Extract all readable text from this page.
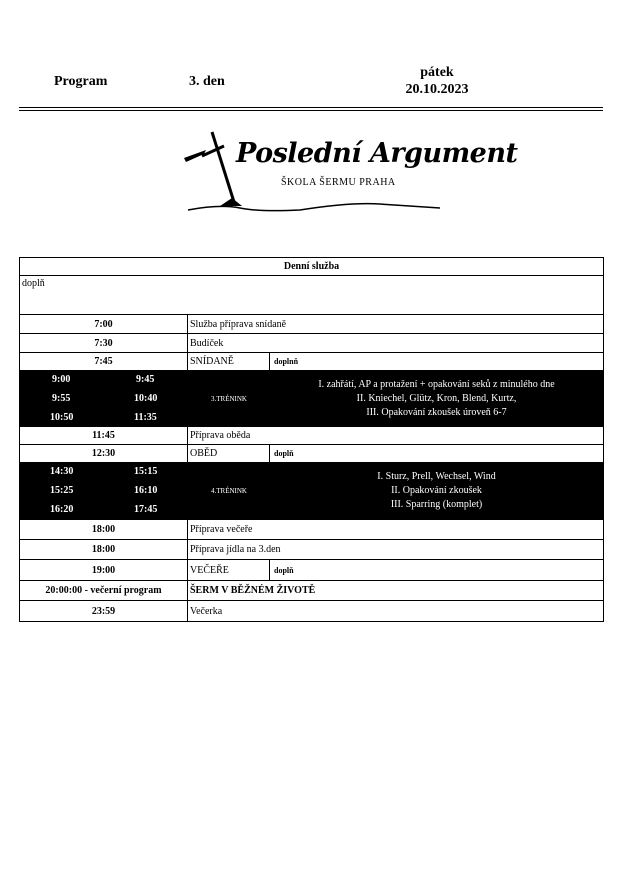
Program	3. den
pátek
20.10.2023
Poslední Argument
ŠKOLA ŠERMU PRAHA
Denní služba
doplň
7:00	Služba příprava snídaně
7:30	Budíček
7:45	SNÍDANĚ	doplnň
9:00	9:45
9:55	10:40
10:50	11:35
3.TRÉNINK
I. zahřátí, AP a protažení + opakování seků z minulého dne
II. Kniechel, Glütz, Kron, Blend, Kurtz,
III. Opakování zkoušek úroveň 6-7
11:45	Příprava oběda
12:30	OBĚD	doplň
14:30	15:15
15:25	16:10
16:20	17:45
4.TRÉNINK
I. Sturz, Prell, Wechsel, Wind
II. Opakování zkoušek
III. Sparring (komplet)
18:00	Příprava večeře
18:00	Příprava jídla na 3.den
19:00	VEČEŘE	doplň
20:00:00 - večerní program	ŠERM V BĚŽNÉM ŽIVOTĚ
23:59	Večerka
